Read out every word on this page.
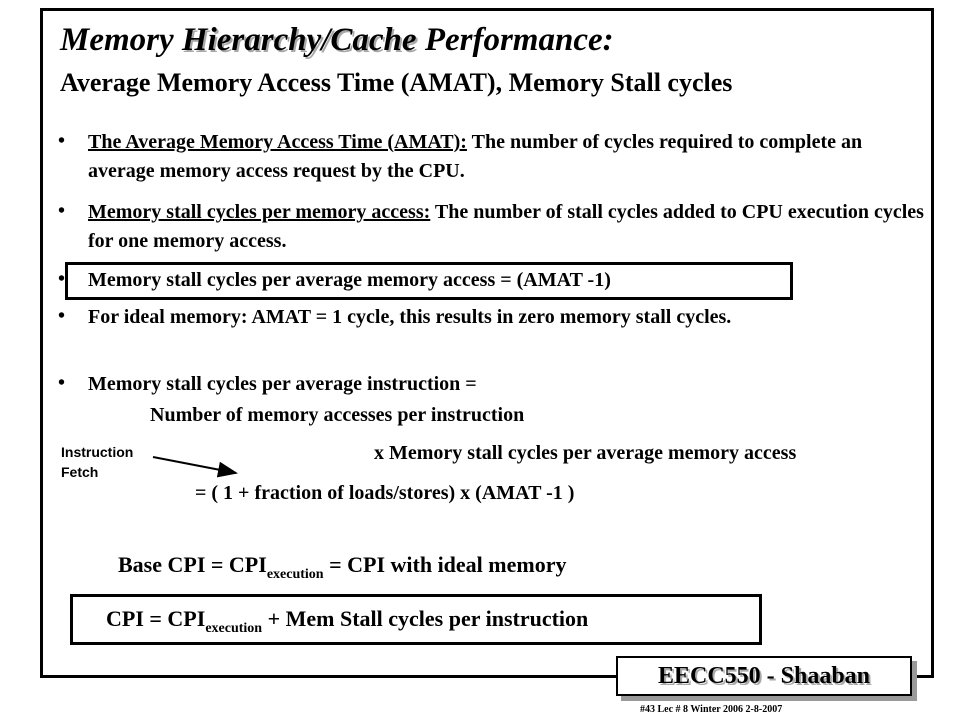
Memory Hierarchy/Cache Performance:
Average Memory Access Time (AMAT), Memory Stall cycles
• The Average Memory Access Time (AMAT): The number of cycles required to complete an average memory access request by the CPU.

• Memory stall cycles per memory access: The number of stall cycles added to CPU execution cycles for one memory access.

• Memory stall cycles per average memory access = (AMAT -1)

• For ideal memory: AMAT = 1 cycle, this results in zero memory stall cycles.

• Memory stall cycles per average instruction =

Number of memory accesses per instruction

x Memory stall cycles per average memory access

= ( 1 + fraction of loads/stores) x (AMAT -1 )

Instruction
Fetch

Base CPI = $CPI_{execution}$ = CPI with ideal memory

CPI = $CPI_{execution}$ + Mem Stall cycles per instruction

EECC550 - Shaaban
#43 Lec # 8 Winter 2006 2-8-2007
